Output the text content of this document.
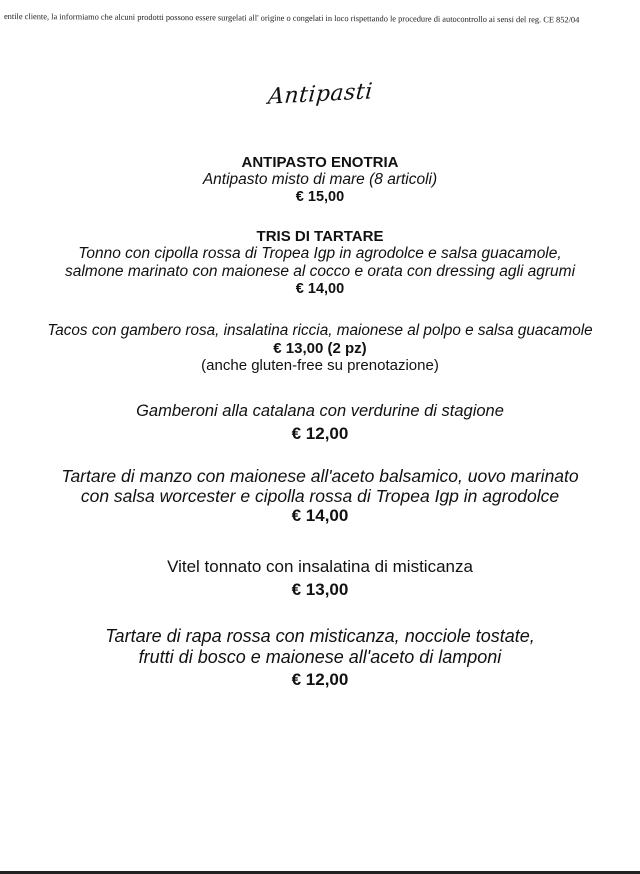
entile cliente, la informiamo che alcuni prodotti possono essere surgelati all' origine o congelati in loco rispettando le procedure di autocontrollo ai sensi del reg. CE 852/04
Antipasti
ANTIPASTO ENOTRIA
Antipasto misto di mare (8 articoli)
€ 15,00
TRIS DI TARTARE
Tonno con cipolla rossa di Tropea Igp in agrodolce e salsa guacamole,
salmone marinato con maionese al cocco e orata con dressing agli agrumi
€ 14,00
Tacos con gambero rosa, insalatina riccia, maionese al polpo e salsa guacamole
€ 13,00 (2 pz)
(anche gluten-free su prenotazione)
Gamberoni alla catalana con verdurine di stagione
€ 12,00
Tartare di manzo con maionese all'aceto balsamico, uovo marinato
con salsa worcester e cipolla rossa di Tropea Igp in agrodolce
€ 14,00
Vitel tonnato con insalatina di misticanza
€ 13,00
Tartare di rapa rossa con misticanza, nocciole tostate,
frutti di bosco e maionese all'aceto di lamponi
€ 12,00
